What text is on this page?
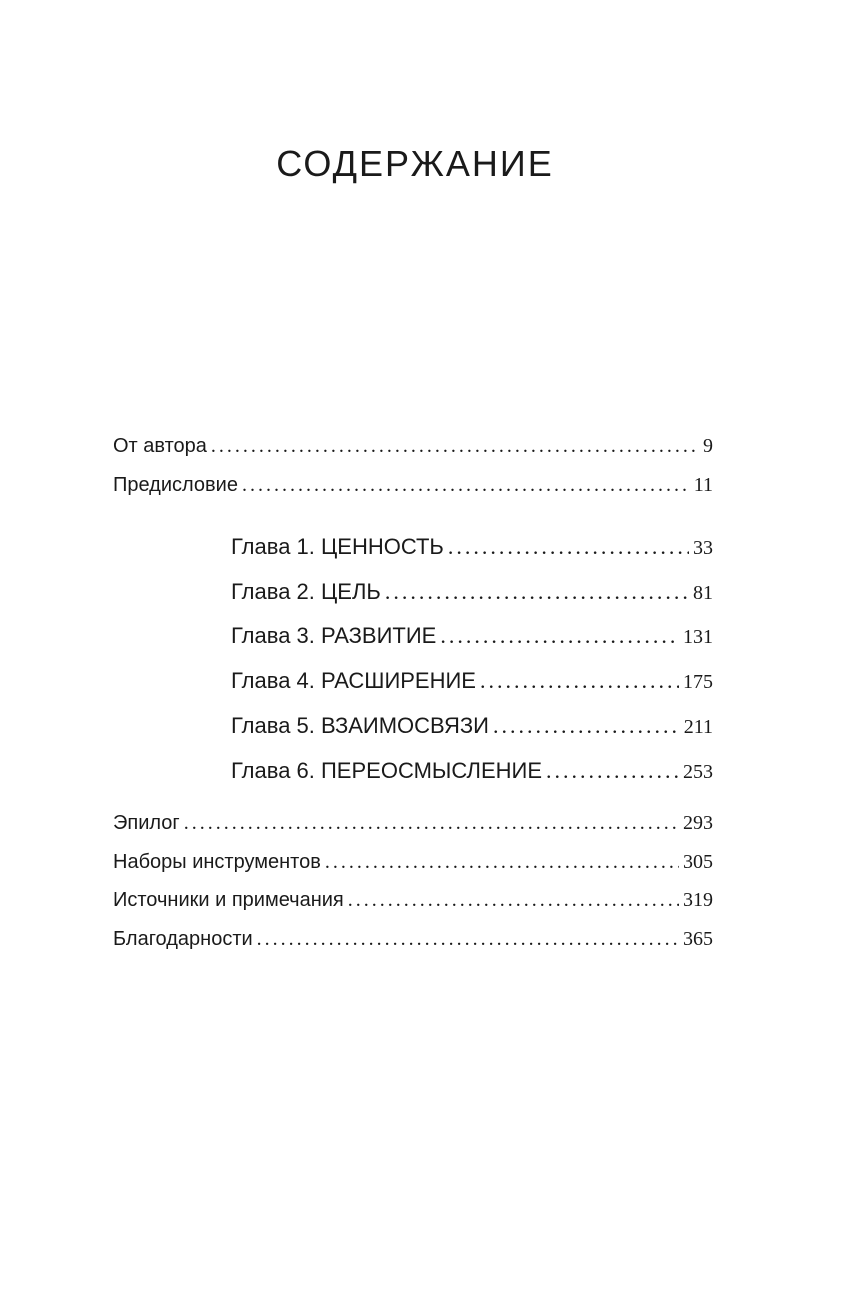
СОДЕРЖАНИЕ
От автора .....	9
Предисловие .....	11
Глава 1. ЦЕННОСТЬ .....	33
Глава 2. ЦЕЛЬ .....	81
Глава 3. РАЗВИТИЕ .....	131
Глава 4. РАСШИРЕНИЕ .....	175
Глава 5. ВЗАИМОСВЯЗИ .....	211
Глава 6. ПЕРЕОСМЫСЛЕНИЕ .....	253
Эпилог .....	293
Наборы инструментов .....	305
Источники и примечания .....	319
Благодарности .....	365
